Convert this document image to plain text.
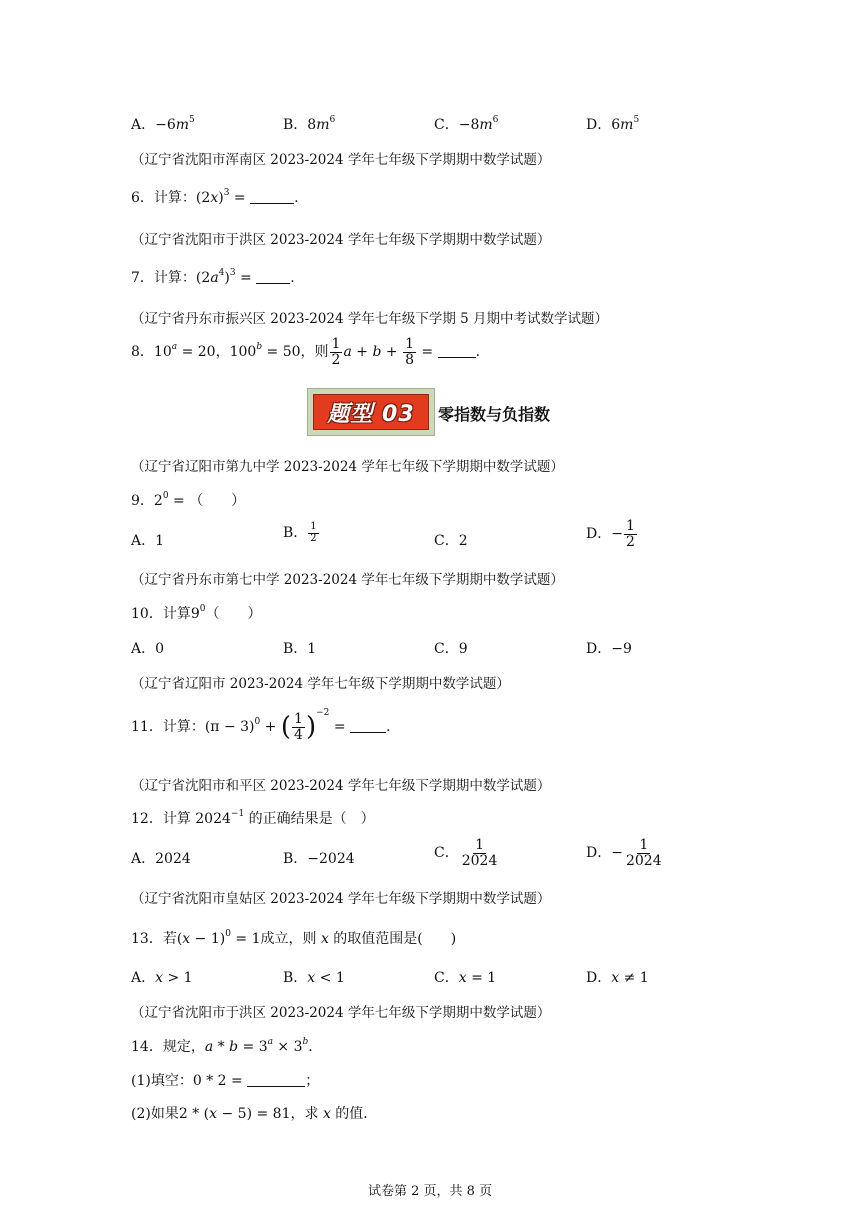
A．$-6m^5$	B．$8m^6$	C．$-8m^6$	D．$6m^5$
（辽宁省沈阳市浑南区 2023-2024 学年七年级下学期期中数学试题）
6．计算：$(2x)^3$ =	.
（辽宁省沈阳市于洪区 2023-2024 学年七年级下学期期中数学试题）
7．计算：$(2a^4)^3$ = .
（辽宁省丹东市振兴区 2023-2024 学年七年级下学期 5 月期中考试数学试题）
8．$10^a = 20$，$100^b = 50$，则 $\frac{1}{2}$ $a + b + \frac{1}{8}$ =	.
题型 03 零指数与负指数
（辽宁省辽阳市第九中学 2023-2024 学年七年级下学期期中数学试题）
9．$2^0$ = （　　）
A．1	B． $\frac{1}{2}$	C．2	D．− $\frac{1}{2}$
（辽宁省丹东市第七中学 2023-2024 学年七年级下学期期中数学试题）
10．计算$9^0$（　　）
A．0	B．1	C．9	D．−9
（辽宁省辽阳市 2023-2024 学年七年级下学期期中数学试题）
11．计算：$(\pi - 3)^0$ + ( $\frac{1}{4} )^{-2}$ =	.
（辽宁省沈阳市和平区 2023-2024 学年七年级下学期期中数学试题）
12．计算 $2024^{-1}$ 的正确结果是（　）
A．2024	B．−2024	C． $\frac{1}{2024}$	D．− $\frac{1}{2024}$
（辽宁省沈阳市皇姑区 2023-2024 学年七年级下学期期中数学试题）
13．若$(x - 1)^0 = 1$成立，则 x 的取值范围是(　　)
A．x > 1	B．x < 1	C．x = 1	D．x ≠ 1
（辽宁省沈阳市于洪区 2023-2024 学年七年级下学期期中数学试题）
14．规定，$a * b = 3^a \times 3^b$．
(1)填空：0 * 2 =	；
(2)如果2 * (x − 5) = 81，求 x 的值．
试卷第 2 页，共 8 页
